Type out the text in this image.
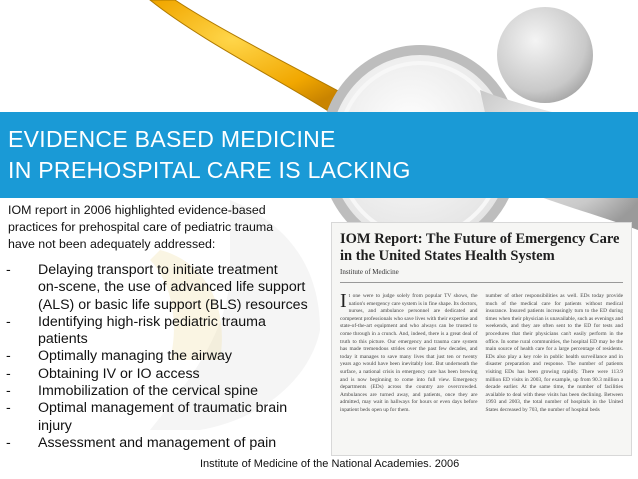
EVIDENCE BASED MEDICINE
IN PREHOSPITAL CARE IS LACKING
IOM report in 2006 highlighted evidence-based
practices for prehospital care of pediatric trauma
have not been adequately addressed:
- Delaying transport to initiate treatment
on-scene, the use of advanced life support
(ALS) or basic life support (BLS) resources
- Identifying high-risk pediatric trauma
patients
- Optimally managing the airway
- Obtaining IV or IO access
- Immobilization of the cervical spine
- Optimal management of traumatic brain
injury
- Assessment and management of pain
IOM Report: The Future of Emergency Care
in the United States Health System
Institute of Medicine
It one were to judge solely from popular TV shows, the nation's emergency care system is in fine shape. Its doctors, nurses, and ambulance personnel are dedicated and competent professionals who save lives with their expertise and state-of-the-art equipment and who always can be trusted to come through in a crunch. And, indeed, there is a great deal of truth to this picture. Our emergency and trauma care system has made tremendous strides over the past few decades, and today it manages to save many lives that just ten or twenty years ago would have been inevitably lost. But underneath the surface, a national crisis in emergency care has been brewing and is now beginning to come into full view. Emergency departments (EDs) across the country are overcrowded. Ambulances are turned away, and patients, once they are admitted, may wait in hallways for hours or even days before inpatient beds open up for them.
number of other responsibilities as well. EDs today provide much of the medical care for patients without medical insurance. Insured patients increasingly turn to the ED during times when their physician is unavailable, such as evenings and weekends, and they are often sent to the ED for tests and procedures that their physicians can't easily perform in the office. In some rural communities, the hospital ED may be the main source of health care for a large percentage of residents. EDs also play a key role in public health surveillance and in disaster preparation and response. The number of patients visiting EDs has been growing rapidly. There were 113.9 million ED visits in 2003, for example, up from 90.3 million a decade earlier. At the same time, the number of facilities available to deal with these visits has been declining. Between 1993 and 2003, the total number of hospitals in the United States decreased by 703, the number of hospital beds
Institute of Medicine of the National Academies. 2006
